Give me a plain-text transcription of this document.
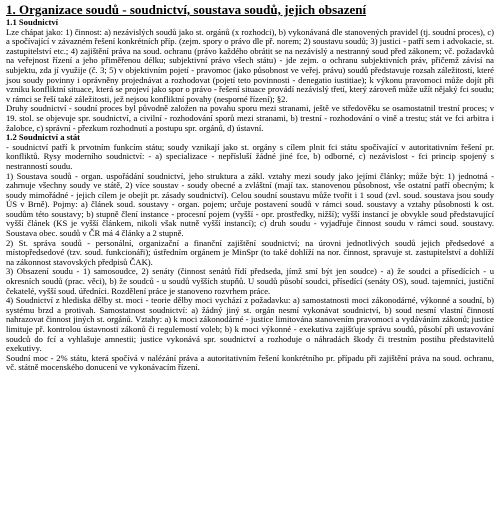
1. Organizace soudů - soudnictví, soustava soudů, jejich obsazení
1.1 Soudnictví

Lze chápat jako: 1) činnost: a) nezávislých soudů jako st. orgánů (x rozhodci), b) vykonávaná dle stanovených pravidel (tj. soudní proces), c) a spočívající v závazném řešení konkrétních příp. (zejm. spory o právo dle př. norem; 2) soustavu soudů; 3) justici - patří sem i advokacie, st. zastupitelství etc.; 4) zajištění práva na soud. ochranu (právo každého obrátit se na nezávislý a nestranný soud před zákonem; vč. požadavků na veřejnost řízení a jeho přiměřenou délku; subjektivní právo všech státu) - jde zejm. o ochranu subjektivních práv, přičemž závisí na subjektu, zda jí využije (č. 3; 5) v objektivním pojetí - pravomoc (jako působnost ve veřej. právu) soudů představuje rozsah záležitostí, které jsou soudy povinny i oprávněny projednávat a rozhodovat (pojetí teto povinnosti - denegatio iustitiae); k výkonu pravomoci může dojít při vzniku konfliktní situace, která se projeví jako spor o právo - řešení situace provádí nezávislý třetí, který zároveň může užít nějaký fci soudu; v rámci se řeší také záležitosti, jež nejsou konfliktní povahy (nesporné řízení); §2.

Druhy soudnictví - soudní proces byl původně založen na povahu sporu mezi stranami, ještě ve středověku se osamostatnil trestní proces; v 19. stol. se objevuje spr. soudnictví, a civilní - rozhodování sporů mezi stranami, b) trestní - rozhodování o vině a trestu; stát ve fci arbitra i žalobce, c) správní - přezkum rozhodnutí a postupu spr. orgánů, d) ústavní.

1.2 Soudnictví a stát

- soudnictví patří k prvotním funkcím státu; soudy vznikají jako st. orgány s cílem plnit fci státu spočívající v autoritativním řešení pr. konfliktů. Rysy moderního soudnictví: - a) specializace - nepřísluší žádné jiné fce, b) odborné, c) nezávislost - fci princip spojený s nestranností soudu.

1) Soustava soudů - organ. uspořádání soudnictví, jeho struktura a zákl. vztahy mezi soudy jako jejími články; může být: 1) jednotná - zahrnuje všechny soudy ve státě, 2) více soustav - soudy obecné a zvláštní (mají tax. stanovenou působnost, vše ostatní patří obecným; k soudy mimořádné - jejich cílem je obejít pr. zásady soudnictví). Celou soudní soustavu může tvořit i 1 soud (zvl. soud. soustava jsou soudy ÚS v Brně). Pojmy: a) článek soud. soustavy - organ. pojem; určuje postavení soudů v rámci soud. soustavy a vztahy působnosti k ost. soudům této soustavy; b) stupně člení instance - procesní pojem (vyšší - opr. prostředky, nižší); vyšší instancí je obvykle soud představující vyšší článek (KS je vyšší článkem, nikoli však nutně vyšší instancí); c) druh soudu - vyjadřuje činnost soudu v rámci soud. soustavy. Soustava obec. soudů v ČR má 4 články a 2 stupně.

2) St. správa soudů - personální, organizační a finanční zajištění soudnictví; na úrovni jednotlivých soudů jejich předsedové a místopředsedové (tzv. soud. funkcionáři); ústředním orgánem je MinSpr (to také dohlíží na nor. činnost, spravuje st. zastupitelství a dohlíží na zákonnost stavovských předpisů ČAK).

3) Obsazení soudu - 1) samosoudce, 2) senáty (činnost senátů řídí předseda, jímž smí být jen soudce) - a) že soudci a přísedících - u okresních soudů (prac. věci), b) že soudců - u soudů vyšších stupňů. U soudů působí soudci, přísedící (senáty OS), soud. tajemníci, justiční čekatelé, vyšší soud. úředníci. Rozdělení práce je stanoveno rozvrhem práce.

4) Soudnictví z hlediska dělby st. moci - teorie dělby moci vychází z požadavku: a) samostatnosti moci zákonodárné, výkonné a soudní, b) systému brzd a protivah. Samostatnost soudnictví: a) žádný jiný st. orgán nesmí vykonávat soudnictví, b) soud nesmí vlastní činností nahrazovat činnost jiných st. orgánů. Vztahy: a) k moci zákonodárné - justice limitována stanovením pravomoci a vydáváním zákonů; justice limituje př. kontrolou ústavnosti zákonů či regulemostí voleb; b) k moci výkonné - exekutiva zajišťuje správu soudů, působí při ustavování soudců do fcí a vyhlašuje amnestii; justice vykonává spr. soudnictví a rozhoduje o náhradách škody či trestním postihu představitelů exekutivy.

Soudní moc - 2% státu, která spočívá v nalézání práva a autoritativním řešení konkrétního pr. případu při zajištění práva na soud. ochranu, vč. státně mocenského donucení ve vykonávacím řízení.
